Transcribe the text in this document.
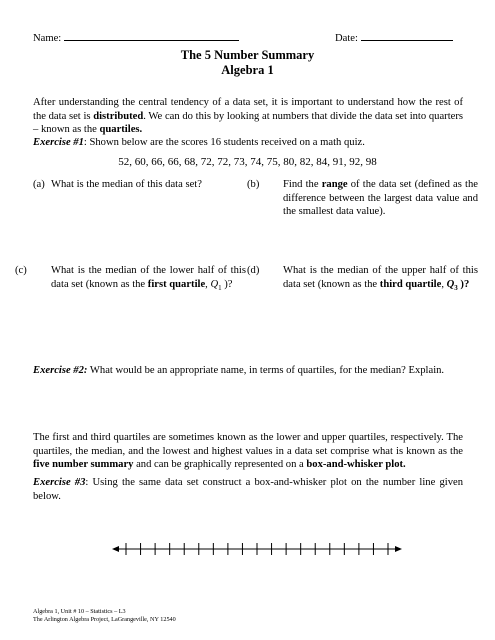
Name:	Date:
The 5 Number Summary
Algebra 1
After understanding the central tendency of a data set, it is important to understand how the rest of the data set is distributed. We can do this by looking at numbers that divide the data set into quarters – known as the quartiles.
Exercise #1: Shown below are the scores 16 students received on a math quiz.
52, 60, 66, 66, 68, 72, 72, 73, 74, 75, 80, 82, 84, 91, 92, 98
(a) What is the median of this data set?	(b) Find the range of the data set (defined as the difference between the largest data value and the smallest data value).
(c) What is the median of the lower half of this data set (known as the first quartile, $Q_1$ )?
(d) What is the median of the upper half of this data set (known as the third quartile, $Q_3$ )?
Exercise #2: What would be an appropriate name, in terms of quartiles, for the median? Explain.
The first and third quartiles are sometimes known as the lower and upper quartiles, respectively. The quartiles, the median, and the lowest and highest values in a data set comprise what is known as the five number summary and can be graphically represented on a box-and-whisker plot.
Exercise #3: Using the same data set construct a box-and-whisker plot on the number line given below.
Algebra 1, Unit # 10 – Statistics – L3
The Arlington Algebra Project, LaGrangeville, NY 12540
